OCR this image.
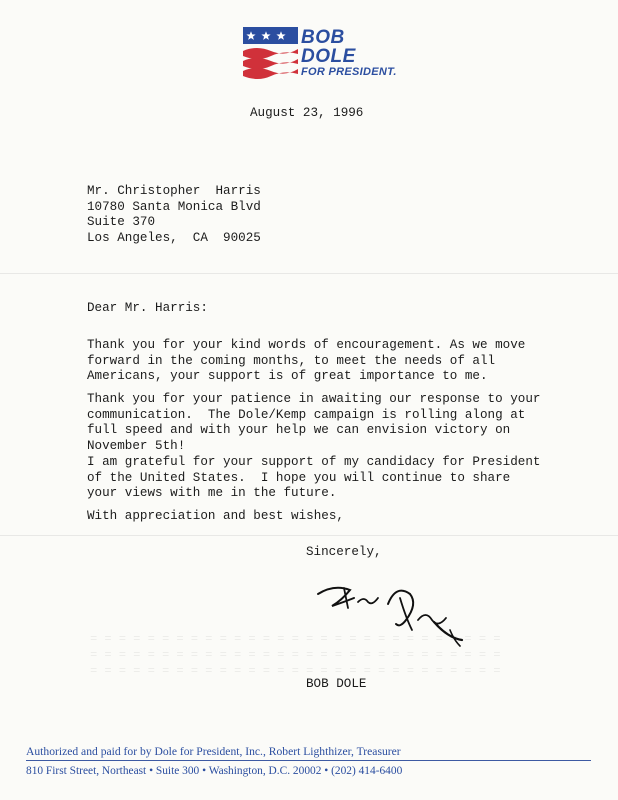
BOB
DOLE
FOR PRESIDENT.
August 23, 1996
Mr. Christopher  Harris
10780 Santa Monica Blvd
Suite 370
Los Angeles,  CA  90025
Dear Mr. Harris:
Thank you for your kind words of encouragement. As we move
forward in the coming months, to meet the needs of all
Americans, your support is of great importance to me.
Thank you for your patience in awaiting our response to your
communication.  The Dole/Kemp campaign is rolling along at
full speed and with your help we can envision victory on
November 5th!
I am grateful for your support of my candidacy for President
of the United States.  I hope you will continue to share
your views with me in the future.
With appreciation and best wishes,
Sincerely,
= = = = = = = = = = = = = = = = = = = = = = = = = = = = =
= = = = = = = = = = = = = = = = = = = = = = = = = = = = =
= = = = = = = = = = = = = = = = = = = = = = = = = = = = =
BOB DOLE
Authorized and paid for by Dole for President, Inc., Robert Lighthizer, Treasurer
810 First Street, Northeast • Suite 300 • Washington, D.C. 20002 • (202) 414-6400
